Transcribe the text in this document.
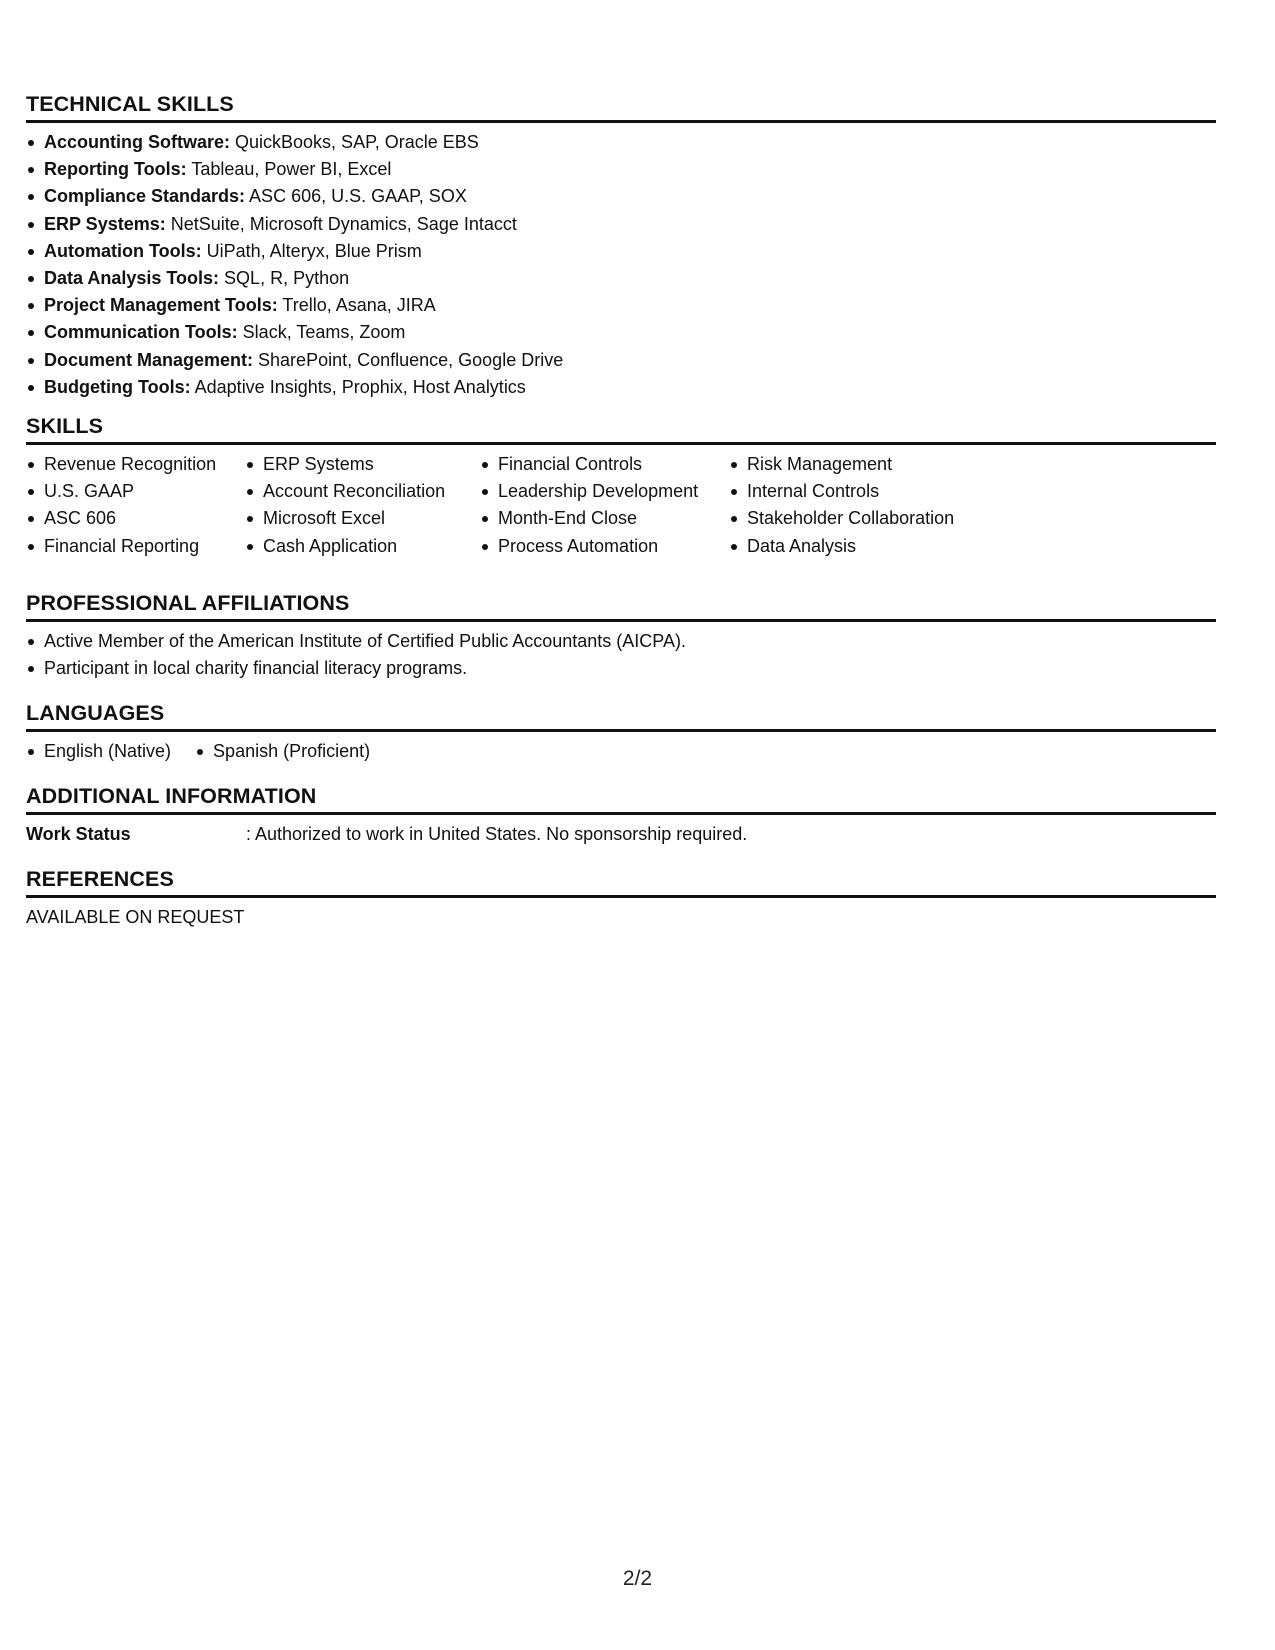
TECHNICAL SKILLS
Accounting Software: QuickBooks, SAP, Oracle EBS
Reporting Tools: Tableau, Power BI, Excel
Compliance Standards: ASC 606, U.S. GAAP, SOX
ERP Systems: NetSuite, Microsoft Dynamics, Sage Intacct
Automation Tools: UiPath, Alteryx, Blue Prism
Data Analysis Tools: SQL, R, Python
Project Management Tools: Trello, Asana, JIRA
Communication Tools: Slack, Teams, Zoom
Document Management: SharePoint, Confluence, Google Drive
Budgeting Tools: Adaptive Insights, Prophix, Host Analytics
SKILLS
Revenue Recognition
U.S. GAAP
ASC 606
Financial Reporting
ERP Systems
Account Reconciliation
Microsoft Excel
Cash Application
Financial Controls
Leadership Development
Month-End Close
Process Automation
Risk Management
Internal Controls
Stakeholder Collaboration
Data Analysis
PROFESSIONAL AFFILIATIONS
Active Member of the American Institute of Certified Public Accountants (AICPA).
Participant in local charity financial literacy programs.
LANGUAGES
English (Native)	Spanish (Proficient)
ADDITIONAL INFORMATION
Work Status	: Authorized to work in United States. No sponsorship required.
REFERENCES
AVAILABLE ON REQUEST
2/2
